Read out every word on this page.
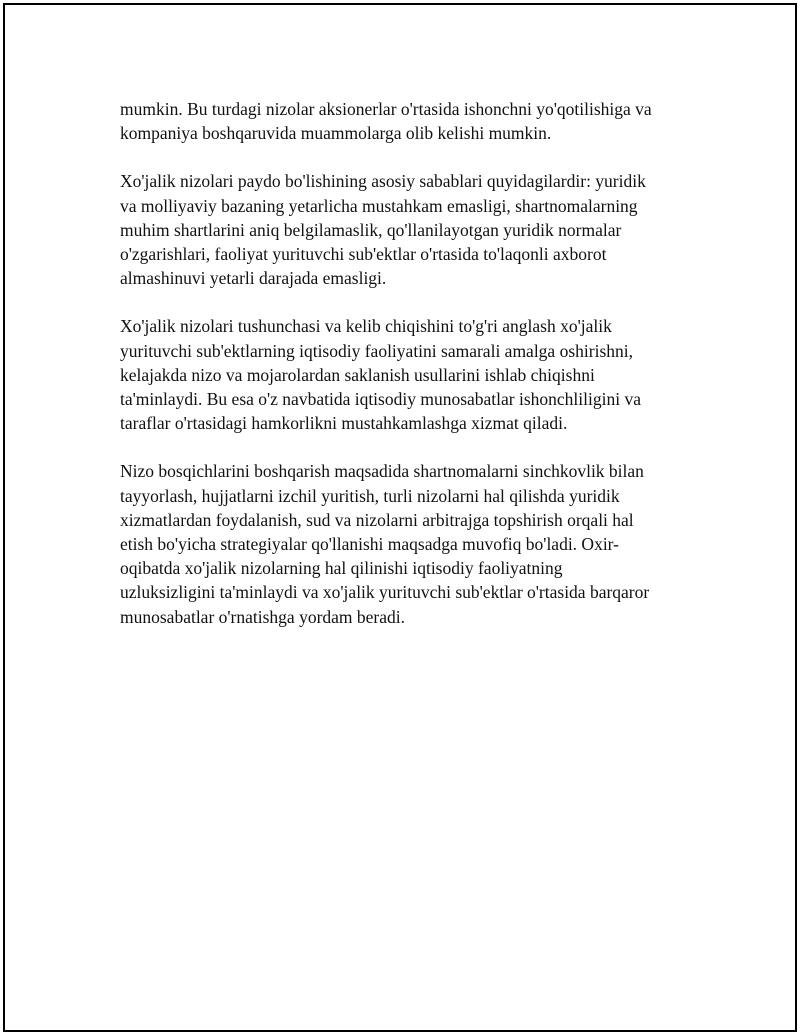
mumkin. Bu turdagi nizolar aksionerlar o'rtasida ishonchni yo'qotilishiga va
kompaniya boshqaruvida muammolarga olib kelishi mumkin.

Xo'jalik nizolari paydo bo'lishining asosiy sabablari quyidagilardir: yuridik
va molliyaviy bazaning yetarlicha mustahkam emasligi, shartnomalarning
muhim shartlarini aniq belgilamaslik, qo'llanilayotgan yuridik normalar
o'zgarishlari, faoliyat yurituvchi sub'ektlar o'rtasida to'laqonli axborot
almashinuvi yetarli darajada emasligi.

Xo'jalik nizolari tushunchasi va kelib chiqishini to'g'ri anglash xo'jalik
yurituvchi sub'ektlarning iqtisodiy faoliyatini samarali amalga oshirishni,
kelajakda nizo va mojarolardan saklanish usullarini ishlab chiqishni
ta'minlaydi. Bu esa o'z navbatida iqtisodiy munosabatlar ishonchliligini va
taraflar o'rtasidagi hamkorlikni mustahkamlashga xizmat qiladi.

Nizo bosqichlarini boshqarish maqsadida shartnomalarni sinchkovlik bilan
tayyorlash, hujjatlarni izchil yuritish, turli nizolarni hal qilishda yuridik
xizmatlardan foydalanish, sud va nizolarni arbitrajga topshirish orqali hal
etish bo'yicha strategiyalar qo'llanishi maqsadga muvofiq bo'ladi. Oxir-
oqibatda xo'jalik nizolarning hal qilinishi iqtisodiy faoliyatning
uzluksizligini ta'minlaydi va xo'jalik yurituvchi sub'ektlar o'rtasida barqaror
munosabatlar o'rnatishga yordam beradi.
